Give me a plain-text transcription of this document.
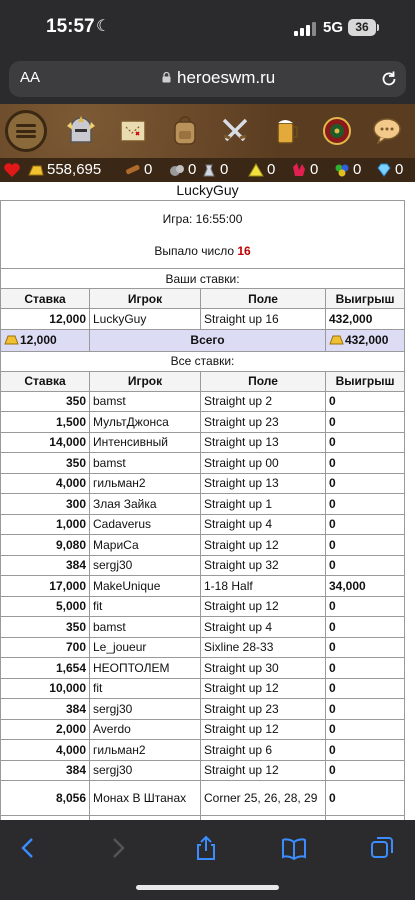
15:57 ☾	5G	36
AA	heroeswm.ru
558,695	0 0 0	0 0 0 0
LuckyGuy
Игра: 16:55:00
Выпало число 16			

Ваши ставки:			
Ставка	Игрок	Поле	Выигрыш
12,000	LuckyGuy	Straight up 16	432,000
12,000	Всего		432,000
Все ставки:			
Ставка	Игрок	Поле	Выигрыш
350	bamst	Straight up 2	0
1,500	МультДжонса	Straight up 23	0
14,000	Интенсивный	Straight up 13	0
350	bamst	Straight up 00	0
4,000	гильман2	Straight up 13	0
300	Злая Зайка	Straight up 1	0
1,000	Cadaverus	Straight up 4	0
9,080	МариСа	Straight up 12	0
384	sergj30	Straight up 32	0
17,000	MakeUnique	1-18 Half	34,000
5,000	fit	Straight up 12	0
350	bamst	Straight up 4	0
700	Le_joueur	Sixline 28-33	0
1,654	НЕОПТОЛЕМ	Straight up 30	0
10,000	fit	Straight up 12	0
384	sergj30	Straight up 23	0
2,000	Averdo	Straight up 12	0
4,000	гильман2	Straight up 6	0
384	sergj30	Straight up 12	0
8,056	Монах В Штанах	Corner 25, 26, 28, 29	0
